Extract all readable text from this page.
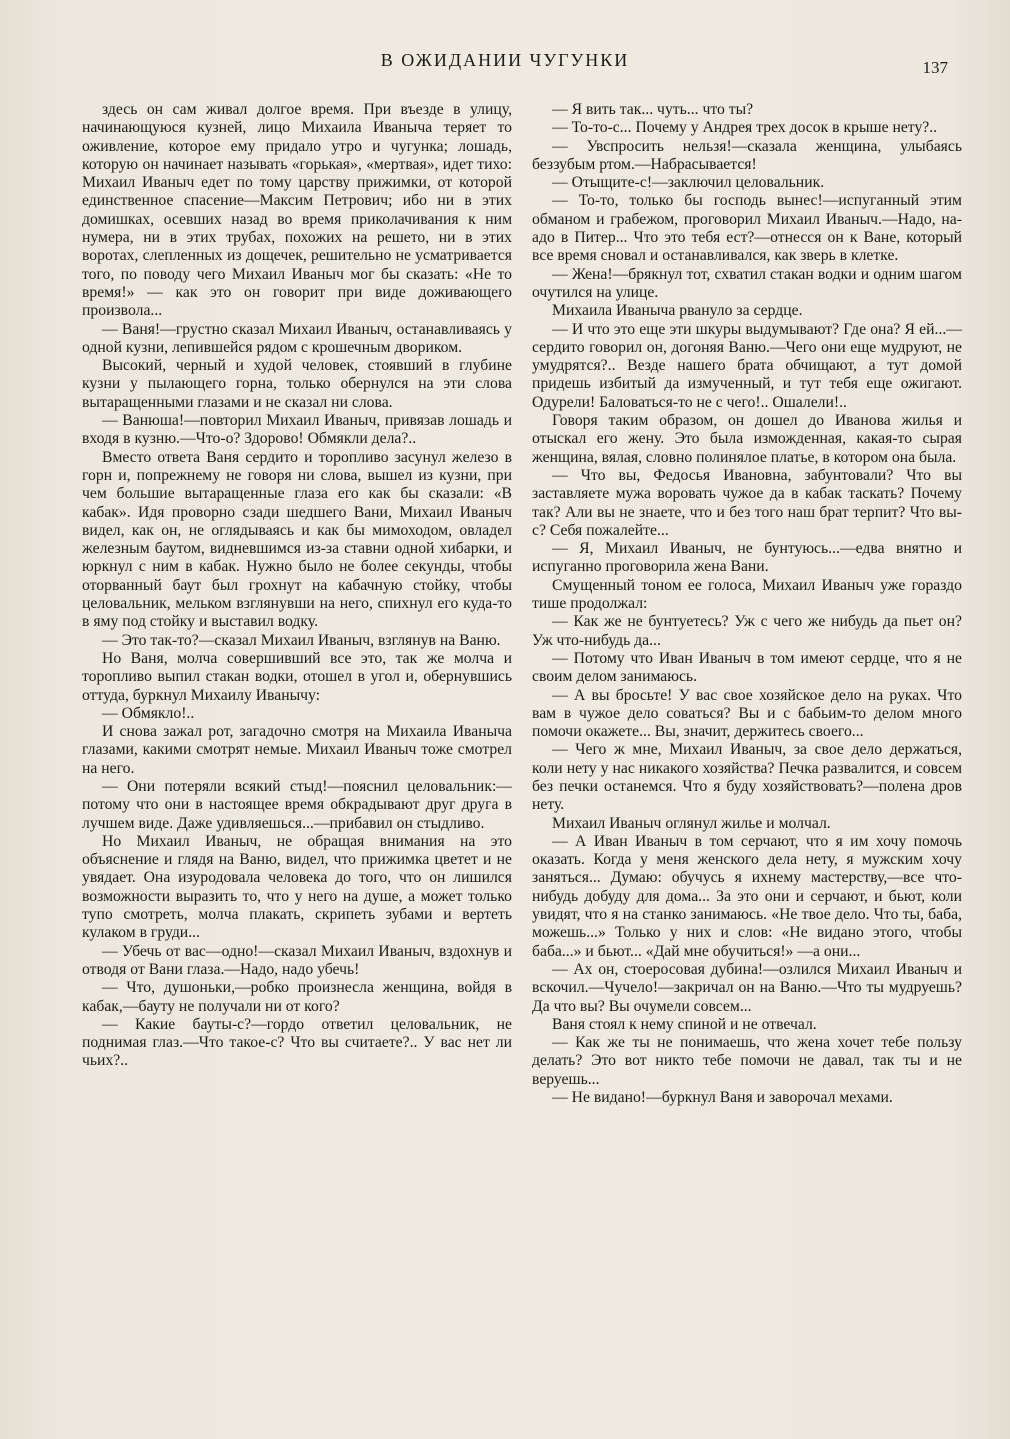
В ОЖИДАНИИ ЧУГУНКИ	137

здесь он сам живал долгое время. При въезде в улицу, начинающуюся кузней, лицо Михаила Иваныча теряет то оживление, которое ему придало утро и чугунка; лошадь, которую он начинает называть «горькая», «мертвая», идет тихо: Михаил Иваныч едет по тому царству прижимки, от которой единственное спасение—Максим Петрович; ибо ни в этих домишках, осевших назад во время приколачивания к ним нумера, ни в этих трубах, похожих на решето, ни в этих воротах, слепленных из дощечек, решительно не усматривается того, по поводу чего Михаил Иваныч мог бы сказать: «Не то время!» — как это он говорит при виде доживающего произвола...

— Ваня!—грустно сказал Михаил Иваныч, останавливаясь у одной кузни, лепившейся рядом с крошечным двориком.

Высокий, черный и худой человек, стоявший в глубине кузни у пылающего горна, только обернулся на эти слова вытаращенными глазами и не сказал ни слова.

— Ванюша!—повторил Михаил Иваныч, привязав лошадь и входя в кузню.—Что-о? Здорово! Обмякли дела?..

Вместо ответа Ваня сердито и торопливо засунул железо в горн и, попрежнему не говоря ни слова, вышел из кузни, при чем большие вытаращенные глаза его как бы сказали: «В кабак». Идя проворно сзади шедшего Вани, Михаил Иваныч видел, как он, не оглядываясь и как бы мимоходом, овладел железным баутом, видневшимся из-за ставни одной хибарки, и юркнул с ним в кабак. Нужно было не более секунды, чтобы оторванный баут был грохнут на кабачную стойку, чтобы целовальник, мельком взглянувши на него, спихнул его куда-то в яму под стойку и выставил водку.

— Это так-то?—сказал Михаил Иваныч, взглянув на Ваню.

Но Ваня, молча совершивший все это, так же молча и торопливо выпил стакан водки, отошел в угол и, обернувшись оттуда, буркнул Михаилу Иванычу:

— Обмякло!..

И снова зажал рот, загадочно смотря на Михаила Иваныча глазами, какими смотрят немые. Михаил Иваныч тоже смотрел на него.

— Они потеряли всякий стыд!—пояснил целовальник:—потому что они в настоящее время обкрадывают друг друга в лучшем виде. Даже удивляешься...—прибавил он стыдливо.

Но Михаил Иваныч, не обращая внимания на это объяснение и глядя на Ваню, видел, что прижимка цветет и не увядает. Она изуродовала человека до того, что он лишился возможности выразить то, что у него на душе, а может только тупо смотреть, молча плакать, скрипеть зубами и вертеть кулаком в груди...

— Убечь от вас—одно!—сказал Михаил Иваныч, вздохнув и отводя от Вани глаза.—Надо, надо убечь!

— Что, душоньки,—робко произнесла женщина, войдя в кабак,—бауту не получали ни от кого?

— Какие бауты-с?—гордо ответил целовальник, не поднимая глаз.—Что такое-с? Что вы считаете?.. У вас нет ли чьих?..

— Я вить так... чуть... что ты?

— То-то-с... Почему у Андрея трех досок в крыше нету?..

— Увспросить нельзя!—сказала женщина, улыбаясь беззубым ртом.—Набрасывается!

— Отыщите-с!—заключил целовальник.

— То-то, только бы господь вынес!—испуганный этим обманом и грабежом, проговорил Михаил Иваныч.—Надо, на-адо в Питер... Что это тебя ест?—отнесся он к Ване, который все время сновал и останавливался, как зверь в клетке.

— Жена!—брякнул тот, схватил стакан водки и одним шагом очутился на улице.

Михаила Иваныча рвануло за сердце.

— И что это еще эти шкуры выдумывают? Где она? Я ей...—сердито говорил он, догоняя Ваню.—Чего они еще мудруют, не умудрятся?.. Везде нашего брата обчищают, а тут домой придешь избитый да измученный, и тут тебя еще ожигают. Одурели! Баловаться-то не с чего!.. Ошалели!..

Говоря таким образом, он дошел до Иванова жилья и отыскал его жену. Это была изможденная, какая-то сырая женщина, вялая, словно полинялое платье, в котором она была.

— Что вы, Федосья Ивановна, забунтовали? Что вы заставляете мужа воровать чужое да в кабак таскать? Почему так? Али вы не знаете, что и без того наш брат терпит? Что вы-с? Себя пожалейте...

— Я, Михаил Иваныч, не бунтуюсь...—едва внятно и испуганно проговорила жена Вани.

Смущенный тоном ее голоса, Михаил Иваныч уже гораздо тише продолжал:

— Как же не бунтуетесь? Уж с чего же нибудь да пьет он? Уж что-нибудь да...

— Потому что Иван Иваныч в том имеют сердце, что я не своим делом занимаюсь.

— А вы бросьте! У вас свое хозяйское дело на руках. Что вам в чужое дело совaться? Вы и с бабьим-то делом много помочи окажете... Вы, значит, держитесь своего...

— Чего ж мне, Михаил Иваныч, за свое дело держаться, коли нету у нас никакого хозяйства? Печка развалится, и совсем без печки останемся. Что я буду хозяйствовать?—полена дров нету.

Михаил Иваныч оглянул жилье и молчал.

— А Иван Иваныч в том серчают, что я им хочу помочь оказать. Когда у меня женского дела нету, я мужским хочу заняться... Думаю: обучусь я ихнему мастерству,—все что-нибудь добуду для дома... За это они и серчают, и бьют, коли увидят, что я на станко занимаюсь. «Не твое дело. Что ты, баба, можешь...» Только у них и слов: «Не видано этого, чтобы баба...» и бьют... «Дай мне обучиться!» —а они...

— Ах он, стоеросовая дубина!—озлился Михаил Иваныч и вскочил.—Чучело!—закричал он на Ваню.—Что ты мудруешь? Да что вы? Вы очумели совсем...

Ваня стоял к нему спиной и не отвечал.

— Как же ты не понимаешь, что жена хочет тебе пользу делать? Это вот никто тебе помочи не давал, так ты и не веруешь...

— Не видано!—буркнул Ваня и заворочал мехами.
